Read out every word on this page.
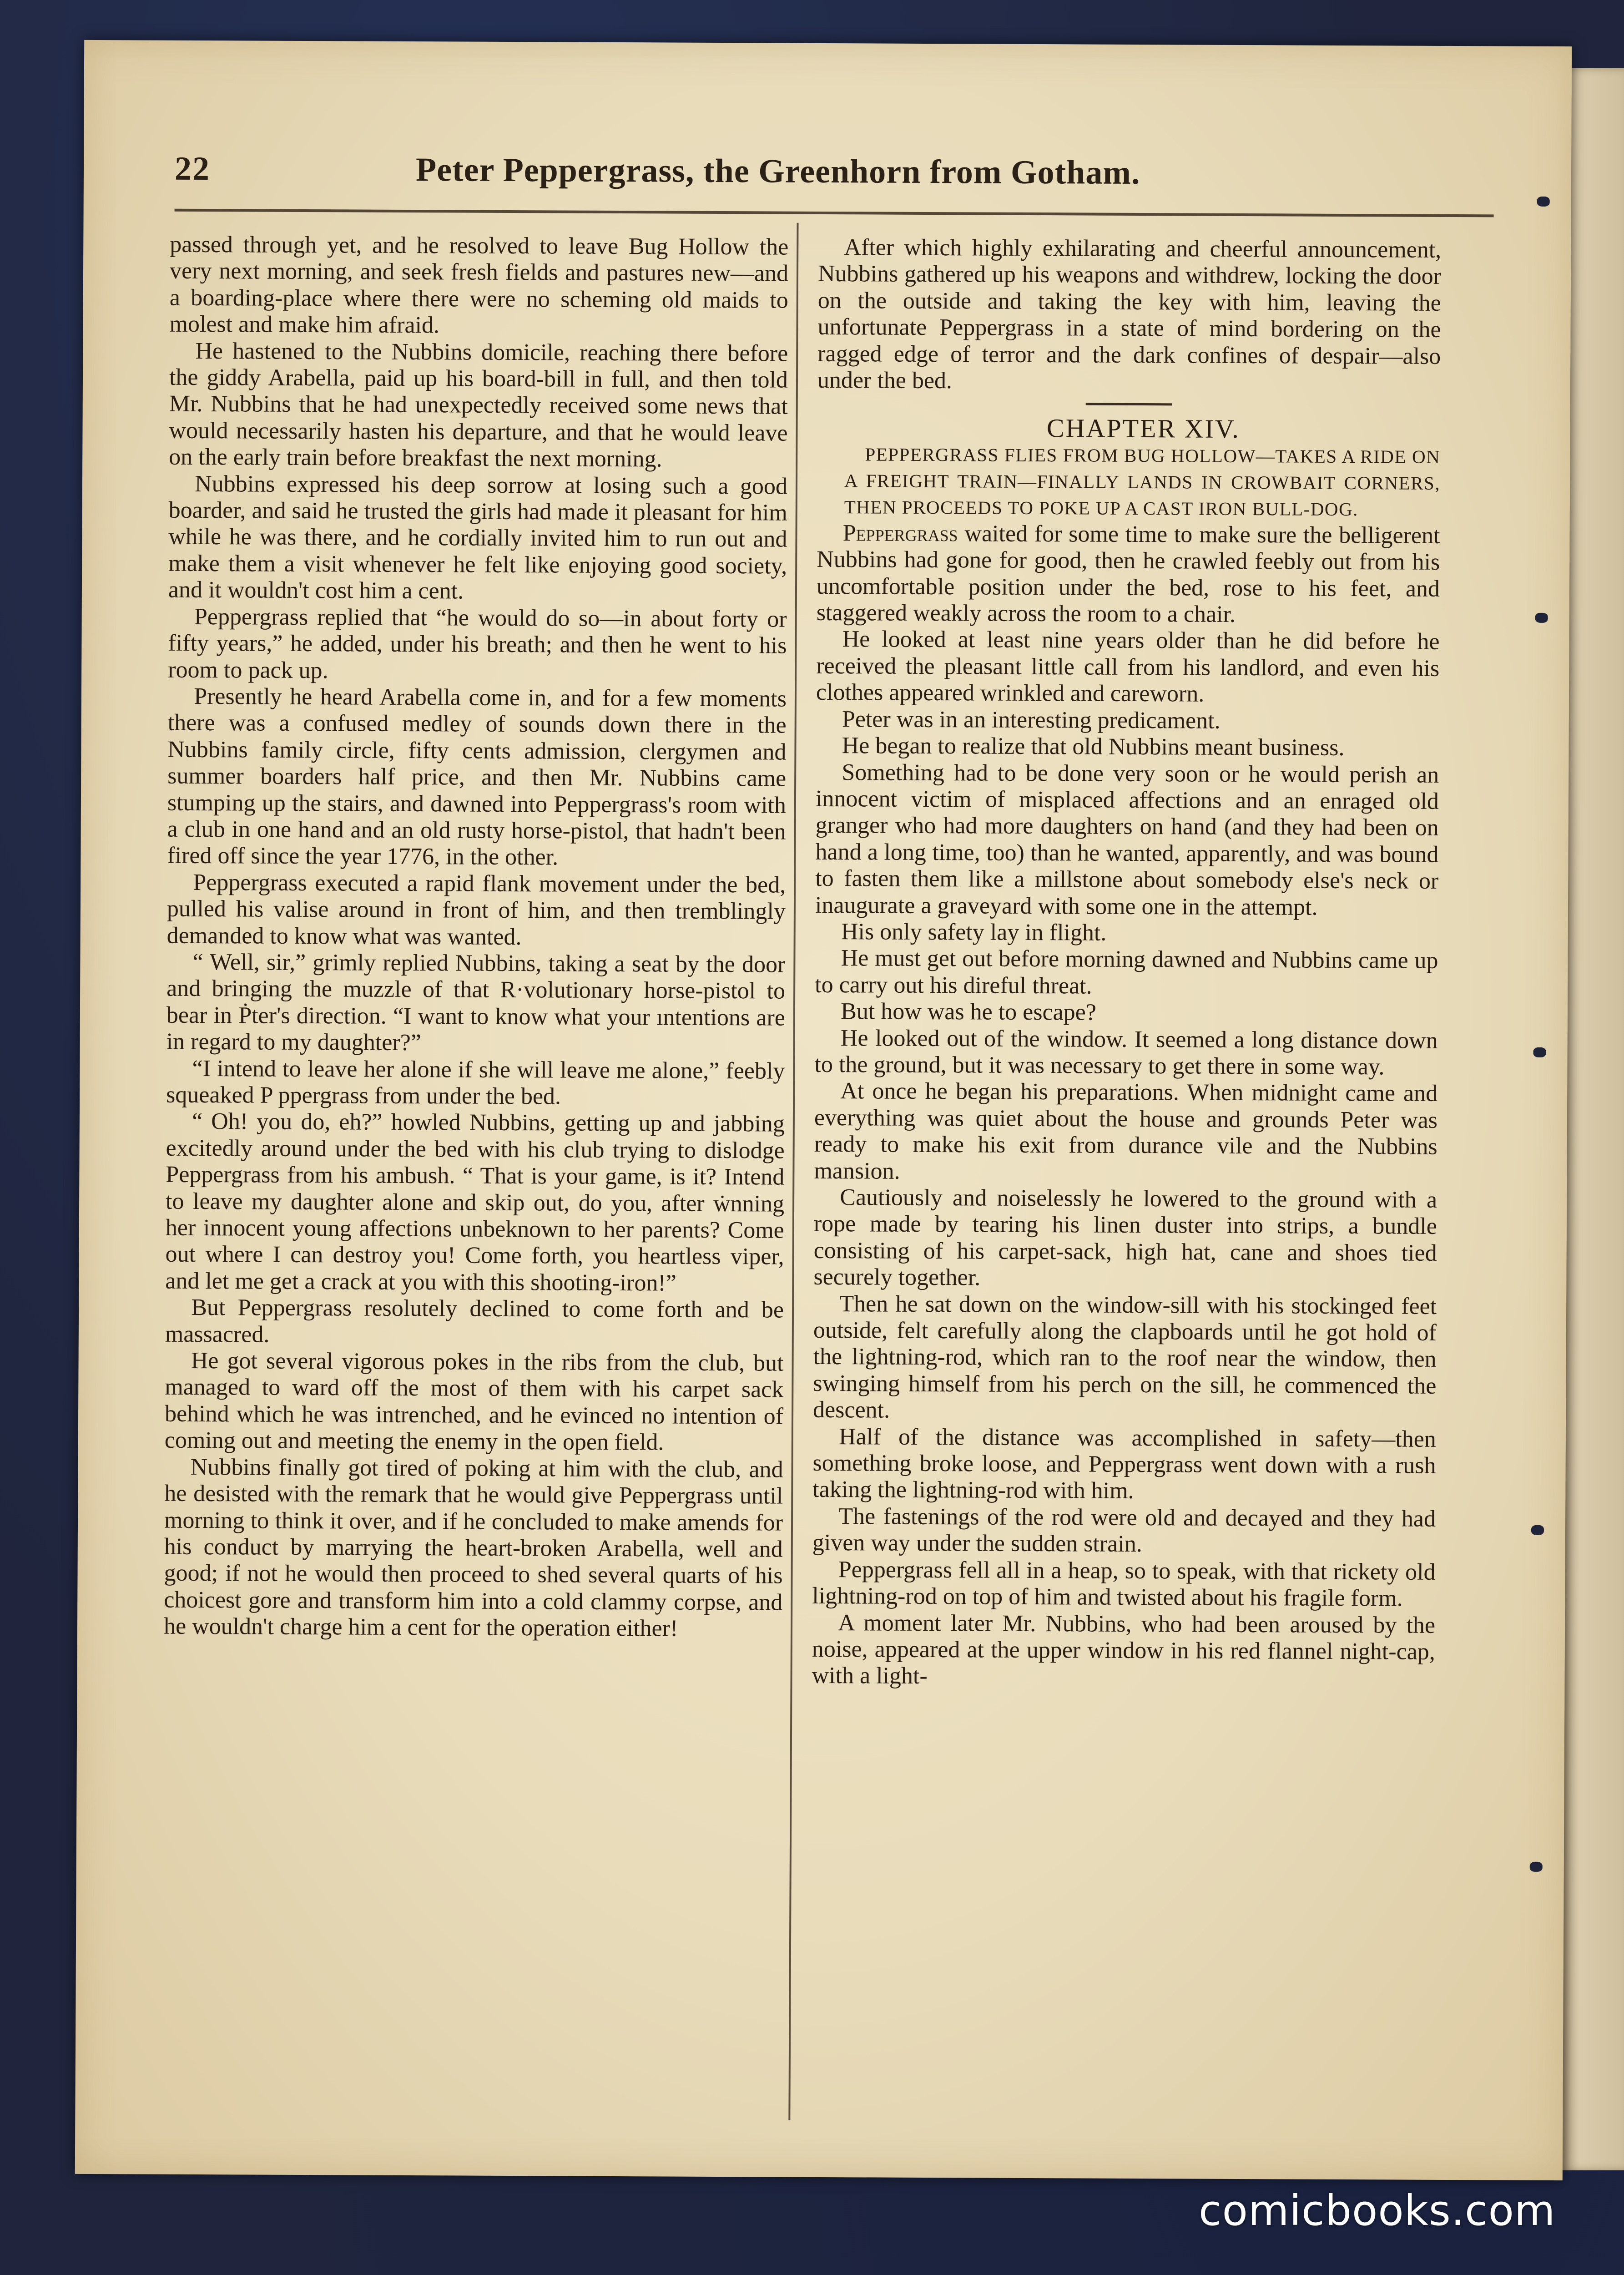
22	Peter Peppergrass, the Greenhorn from Gotham.

passed through yet, and he resolved to leave Bug Hollow the very next morning, and seek fresh fields and pastures new—and a boarding-place where there were no scheming old maids to molest and make him afraid.

He hastened to the Nubbins domicile, reaching there before the giddy Arabella, paid up his board-bill in full, and then told Mr. Nubbins that he had unexpectedly received some news that would necessarily hasten his departure, and that he would leave on the early train before breakfast the next morning.

Nubbins expressed his deep sorrow at losing such a good boarder, and said he trusted the girls had made it pleasant for him while he was there, and he cordially invited him to run out and make them a visit whenever he felt like enjoying good society, and it wouldn't cost him a cent.

Peppergrass replied that “he would do so—in about forty or fifty years,” he added, under his breath; and then he went to his room to pack up.

Presently he heard Arabella come in, and for a few moments there was a confused medley of sounds down there in the Nubbins family circle, fifty cents admission, clergymen and summer boarders half price, and then Mr. Nubbins came stumping up the stairs, and dawned into Peppergrass's room with a club in one hand and an old rusty horse-pistol, that hadn't been fired off since the year 1776, in the other.

Peppergrass executed a rapid flank movement under the bed, pulled his valise around in front of him, and then tremblingly demanded to know what was wanted.

“ Well, sir,” grimly replied Nubbins, taking a seat by the door and bringing the muzzle of that R·volutionary horse-pistol to bear in Ṗter's direction. “I want to know what your ıntentions are in regard to my daughter?”

“I intend to leave her alone if she will leave me alone,” feebly squeaked P ppergrass from under the bed.

“ Oh! you do, eh?” howled Nubbins, getting up and jabbing excitedly around under the bed with his club trying to dislodge Peppergrass from his ambush. “ That is your game, is it? Intend to leave my daughter alone and skip out, do you, after ẇnning her innocent young affections unbeknown to her parents? Come out where I can destroy you! Come forth, you heartless viper, and let me get a crack at you with this shooting-iron!”

But Peppergrass resolutely declined to come forth and be massacred.

He got several vigorous pokes in the ribs from the club, but managed to ward off the most of them with his carpet sack behind which he was intrenched, and he evinced no intention of coming out and meeting the enemy in the open field.

Nubbins finally got tired of poking at him with the club, and he desisted with the remark that he would give Peppergrass until morning to think it over, and if he concluded to make amends for his conduct by marrying the heart-broken Arabella, well and good; if not he would then proceed to shed several quarts of his choicest gore and transform him into a cold clammy corpse, and he wouldn't charge him a cent for the operation either!

After which highly exhilarating and cheerful announcement, Nubbins gathered up his weapons and withdrew, locking the door on the outside and taking the key with him, leaving the unfortunate Peppergrass in a state of mind bordering on the ragged edge of terror and the dark confines of despair—also under the bed.

CHAPTER XIV.

PEPPERGRASS FLIES FROM BUG HOLLOW—TAKES A RIDE ON A FREIGHT TRAIN—FINALLY LANDS IN CROWBAIT CORNERS, THEN PROCEEDS TO POKE UP A CAST IRON BULL-DOG.

Peppergrass waited for some time to make sure the belligerent Nubbins had gone for good, then he crawled feebly out from his uncomfortable position under the bed, rose to his feet, and staggered weakly across the room to a chair.

He looked at least nine years older than he did before he received the pleasant little call from his landlord, and even his clothes appeared wrinkled and careworn.

Peter was in an interesting predicament.

He began to realize that old Nubbins meant business.

Something had to be done very soon or he would perish an innocent victim of misplaced affections and an enraged old granger who had more daughters on hand (and they had been on hand a long time, too) than he wanted, apparently, and was bound to fasten them like a millstone about somebody else's neck or inaugurate a graveyard with some one in the attempt.

His only safety lay in flight.

He must get out before morning dawned and Nubbins came up to carry out his direful threat.

But how was he to escape?

He looked out of the window. It seemed a long distance down to the ground, but it was necessary to get there in some way.

At once he began his preparations. When midnight came and everything was quiet about the house and grounds Peter was ready to make his exit from durance vile and the Nubbins mansion.

Cautiously and noiselessly he lowered to the ground with a rope made by tearing his linen duster into strips, a bundle consisting of his carpet-sack, high hat, cane and shoes tied securely together.

Then he sat down on the window-sill with his stockinged feet outside, felt carefully along the clapboards until he got hold of the lightning-rod, which ran to the roof near the window, then swinging himself from his perch on the sill, he commenced the descent.

Half of the distance was accomplished in safety—then something broke loose, and Peppergrass went down with a rush taking the lightning-rod with him.

The fastenings of the rod were old and decayed and they had given way under the sudden strain.

Peppergrass fell all in a heap, so to speak, with that rickety old lightning-rod on top of him and twisted about his fragile form.

A moment later Mr. Nubbins, who had been aroused by the noise, appeared at the upper window in his red flannel night-cap, with a light-

comicbooks.com
